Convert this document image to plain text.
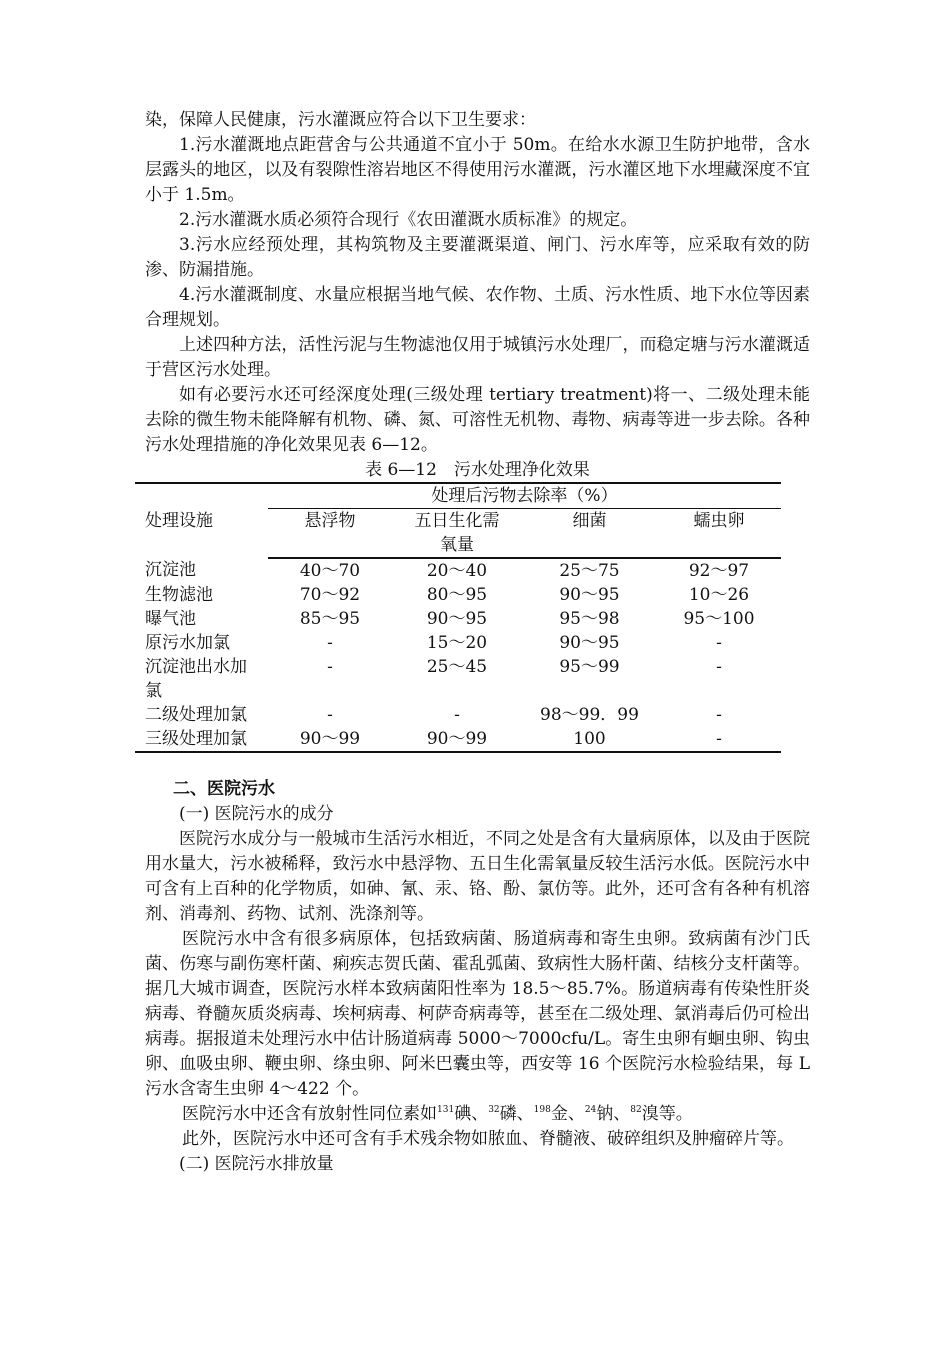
染，保障人民健康，污水灌溉应符合以下卫生要求：

1.污水灌溉地点距营舍与公共通道不宜小于 50m。在给水水源卫生防护地带，含水层露头的地区，以及有裂隙性溶岩地区不得使用污水灌溉，污水灌区地下水埋藏深度不宜小于 1.5m。

2.污水灌溉水质必须符合现行《农田灌溉水质标准》的规定。

3.污水应经预处理，其构筑物及主要灌溉渠道、闸门、污水库等，应采取有效的防渗、防漏措施。

4.污水灌溉制度、水量应根据当地气候、农作物、土质、污水性质、地下水位等因素合理规划。

上述四种方法，活性污泥与生物滤池仅用于城镇污水处理厂，而稳定塘与污水灌溉适于营区污水处理。

如有必要污水还可经深度处理(三级处理 tertiary treatment)将一、二级处理未能去除的微生物未能降解有机物、磷、氮、可溶性无机物、毒物、病毒等进一步去除。各种污水处理措施的净化效果见表 6—12。

表 6—12　污水处理净化效果
处理设施	处理后污物去除率（%）			
	悬浮物	五日生化需氧量	细菌	蠕虫卵
沉淀池	40～70	20～40	25～75	92～97
生物滤池	70～92	80～95	90～95	10～26
曝气池	85～95	90～95	95～98	95～100
原污水加氯	-	15～20	90～95	-
沉淀池出水加氯	-	25～45	95～99	-
二级处理加氯	-	-	98～99．99	-
三级处理加氯	90～99	90～99	100	-
二、医院污水

(一) 医院污水的成分

医院污水成分与一般城市生活污水相近，不同之处是含有大量病原体，以及由于医院用水量大，污水被稀释，致污水中悬浮物、五日生化需氧量反较生活污水低。医院污水中可含有上百种的化学物质，如砷、氰、汞、铬、酚、氯仿等。此外，还可含有各种有机溶剂、消毒剂、药物、试剂、洗涤剂等。

医院污水中含有很多病原体，包括致病菌、肠道病毒和寄生虫卵。致病菌有沙门氏菌、伤寒与副伤寒杆菌、痢疾志贺氏菌、霍乱弧菌、致病性大肠杆菌、结核分支杆菌等。据几大城市调查，医院污水样本致病菌阳性率为 18.5～85.7%。肠道病毒有传染性肝炎病毒、脊髓灰质炎病毒、埃柯病毒、柯萨奇病毒等，甚至在二级处理、氯消毒后仍可检出病毒。据报道未处理污水中估计肠道病毒 5000～7000cfu/L。寄生虫卵有蛔虫卵、钩虫卵、血吸虫卵、鞭虫卵、绦虫卵、阿米巴囊虫等，西安等 16 个医院污水检验结果，每 L 污水含寄生虫卵 4～422 个。

医院污水中还含有放射性同位素如$^{131}$碘、$^{32}$磷、$^{198}$金、$^{24}$钠、$^{82}$溴等。

此外，医院污水中还可含有手术残余物如脓血、脊髓液、破碎组织及肿瘤碎片等。

(二) 医院污水排放量
